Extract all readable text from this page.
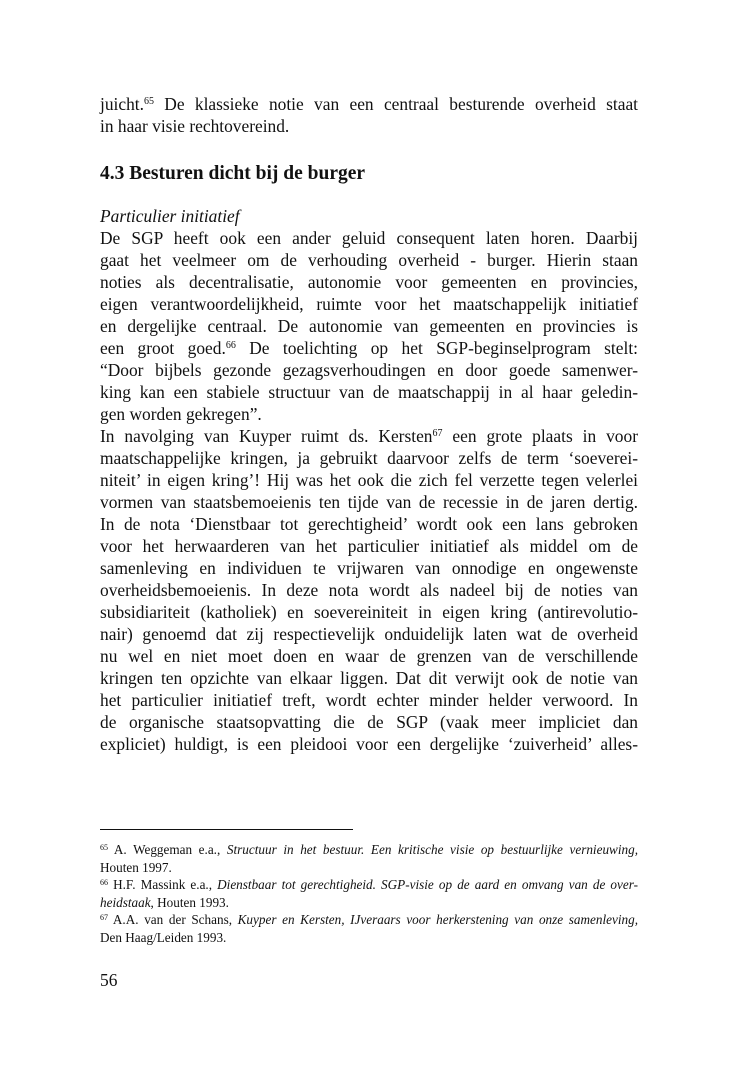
juicht.$^{65}$ De klassieke notie van een centraal besturende overheid staat
in haar visie rechtovereind.
4.3 Besturen dicht bij de burger
Particulier initiatief
De SGP heeft ook een ander geluid consequent laten horen. Daarbij
gaat het veelmeer om de verhouding overheid - burger. Hierin staan
noties als decentralisatie, autonomie voor gemeenten en provincies,
eigen verantwoordelijkheid, ruimte voor het maatschappelijk initiatief
en dergelijke centraal. De autonomie van gemeenten en provincies is
een groot goed.$^{66}$ De toelichting op het SGP-beginselprogram stelt:
“Door bijbels gezonde gezagsverhoudingen en door goede samenwer-
king kan een stabiele structuur van de maatschappij in al haar geledin-
gen worden gekregen”.
In navolging van Kuyper ruimt ds. Kersten$^{67}$ een grote plaats in voor
maatschappelijke kringen, ja gebruikt daarvoor zelfs de term ‘soeverei-
niteit’ in eigen kring’! Hij was het ook die zich fel verzette tegen velerlei
vormen van staatsbemoeienis ten tijde van de recessie in de jaren dertig.
In de nota ‘Dienstbaar tot gerechtigheid’ wordt ook een lans gebroken
voor het herwaarderen van het particulier initiatief als middel om de
samenleving en individuen te vrijwaren van onnodige en ongewenste
overheidsbemoeienis. In deze nota wordt als nadeel bij de noties van
subsidiariteit (katholiek) en soevereiniteit in eigen kring (antirevolutio-
nair) genoemd dat zij respectievelijk onduidelijk laten wat de overheid
nu wel en niet moet doen en waar de grenzen van de verschillende
kringen ten opzichte van elkaar liggen. Dat dit verwijt ook de notie van
het particulier initiatief treft, wordt echter minder helder verwoord. In
de organische staatsopvatting die de SGP (vaak meer impliciet dan
expliciet) huldigt, is een pleidooi voor een dergelijke ‘zuiverheid’ alles-
$^{65}$ A. Weggeman e.a., Structuur in het bestuur. Een kritische visie op bestuurlijke vernieuwing,
Houten 1997.
$^{66}$ H.F. Massink e.a., Dienstbaar tot gerechtigheid. SGP-visie op de aard en omvang van de over-
heidstaak, Houten 1993.
$^{67}$ A.A. van der Schans, Kuyper en Kersten, IJveraars voor herkerstening van onze samenleving,
Den Haag/Leiden 1993.
56
